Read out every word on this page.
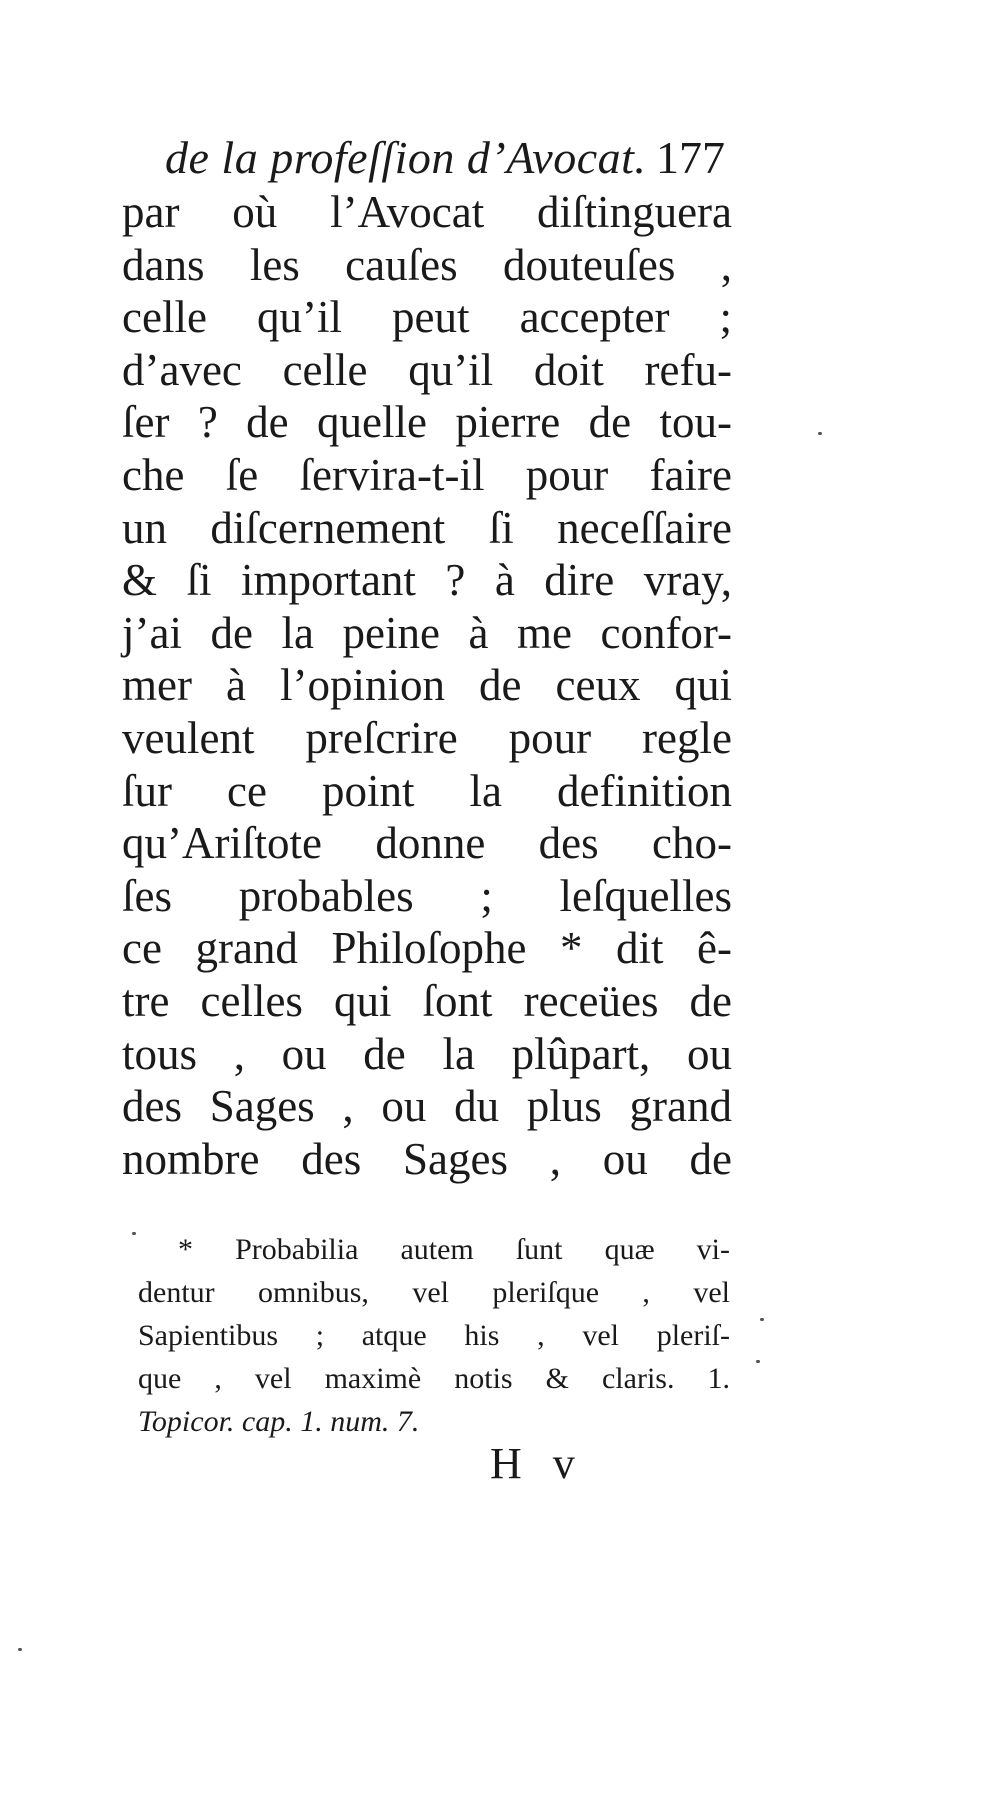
de la profeſſion d’Avocat. 177
par où l’Avocat diſtinguera
dans les cauſes douteuſes ,
celle qu’il peut accepter ;
d’avec celle qu’il doit refu-
ſer ? de quelle pierre de tou-
che ſe ſervira-t-il pour faire
un diſcernement ſi neceſſaire
& ſi important ? à dire vray,
j’ai de la peine à me confor-
mer à l’opinion de ceux qui
veulent preſcrire pour regle
ſur ce point la definition
qu’Ariſtote donne des cho-
ſes probables ; leſquelles
ce grand Philoſophe * dit ê-
tre celles qui ſont receües de
tous , ou de la plûpart, ou
des Sages , ou du plus grand
nombre des Sages , ou de
* Probabilia autem ſunt quæ vi-
dentur omnibus, vel pleriſque , vel
Sapientibus ; atque his , vel pleriſ-
que , vel maximè notis & claris. 1.
Topicor. cap. 1. num. 7.
H v
